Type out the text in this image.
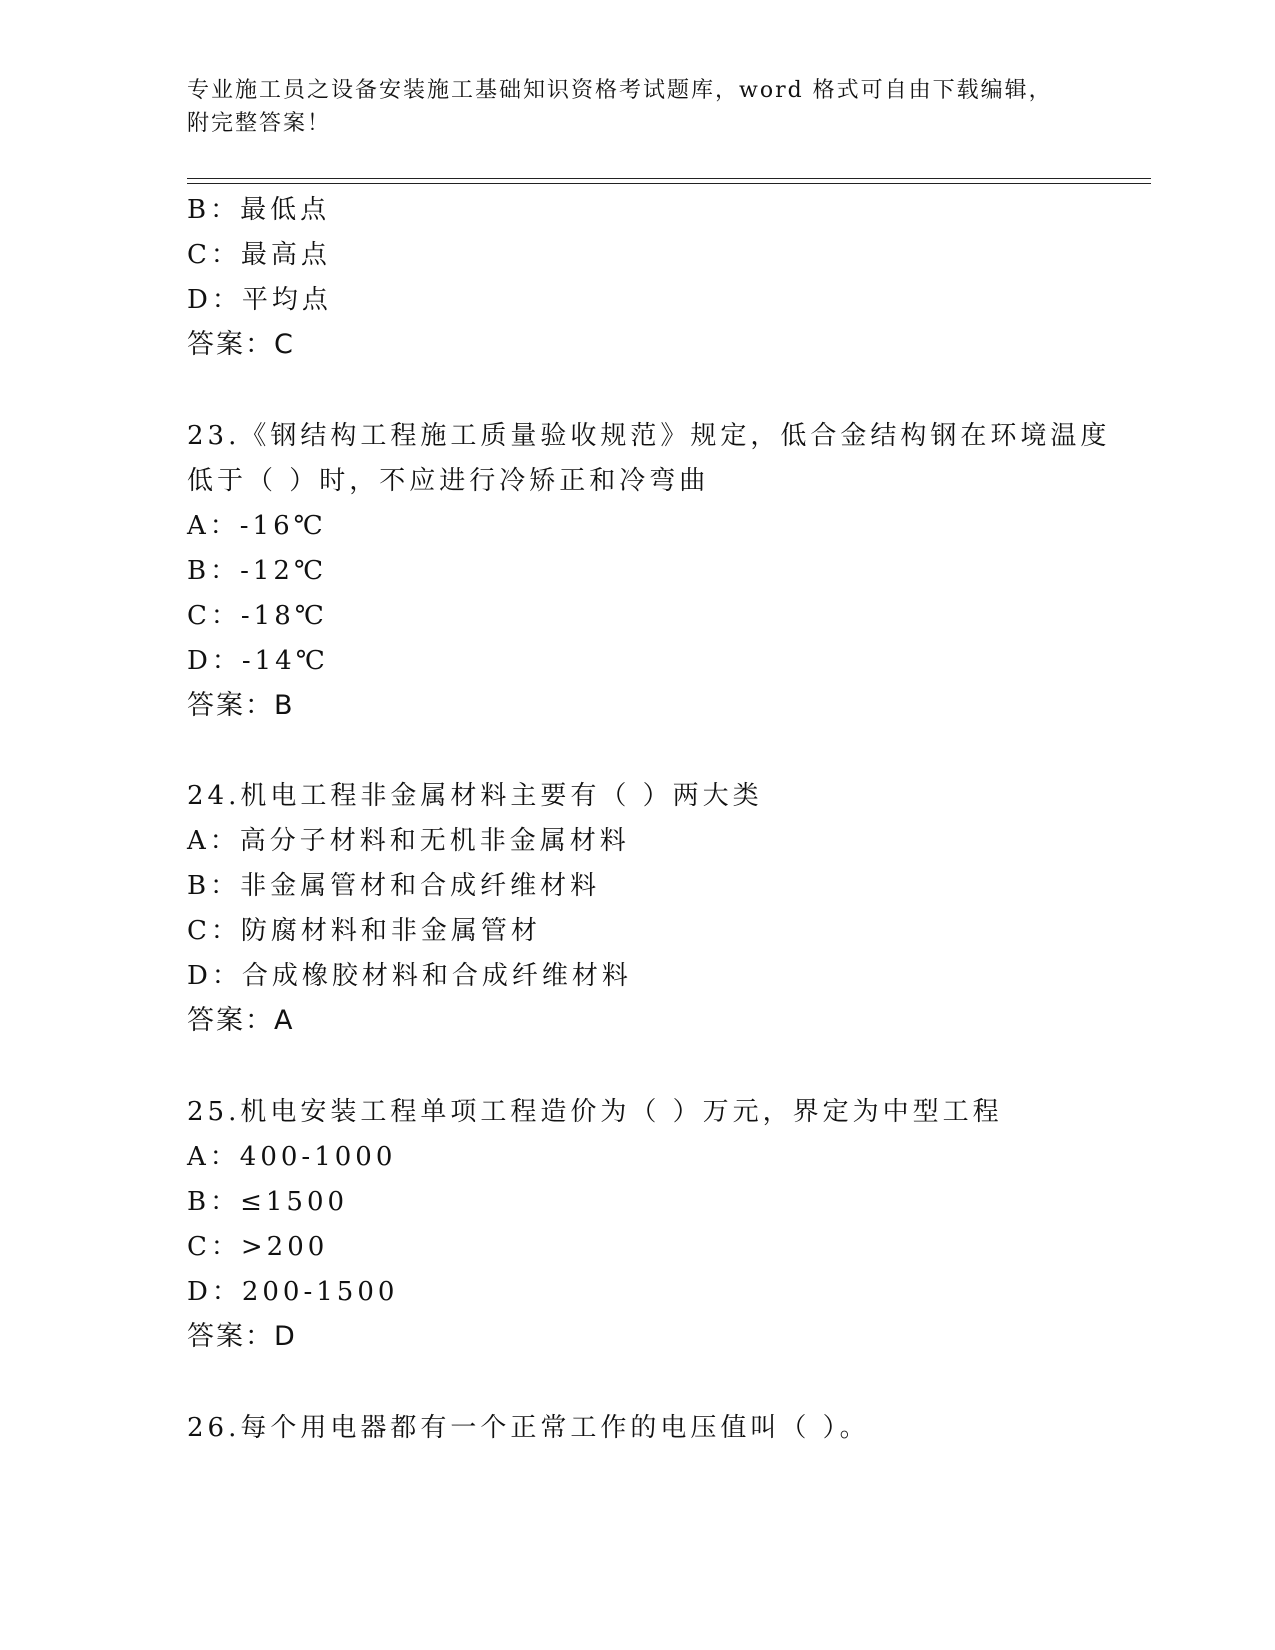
专业施工员之设备安装施工基础知识资格考试题库，word 格式可自由下载编辑，
附完整答案！
B：最低点
C：最高点
D：平均点
答案：C
23.《钢结构工程施工质量验收规范》规定，低合金结构钢在环境温度
低于（ ）时，不应进行冷矫正和冷弯曲
A：-16℃
B：-12℃
C：-18℃
D：-14℃
答案：B
24.机电工程非金属材料主要有（ ）两大类
A：高分子材料和无机非金属材料
B：非金属管材和合成纤维材料
C：防腐材料和非金属管材
D：合成橡胶材料和合成纤维材料
答案：A
25.机电安装工程单项工程造价为（ ）万元，界定为中型工程
A：400-1000
B：≤1500
C：>200
D：200-1500
答案：D
26.每个用电器都有一个正常工作的电压值叫（ ）。
